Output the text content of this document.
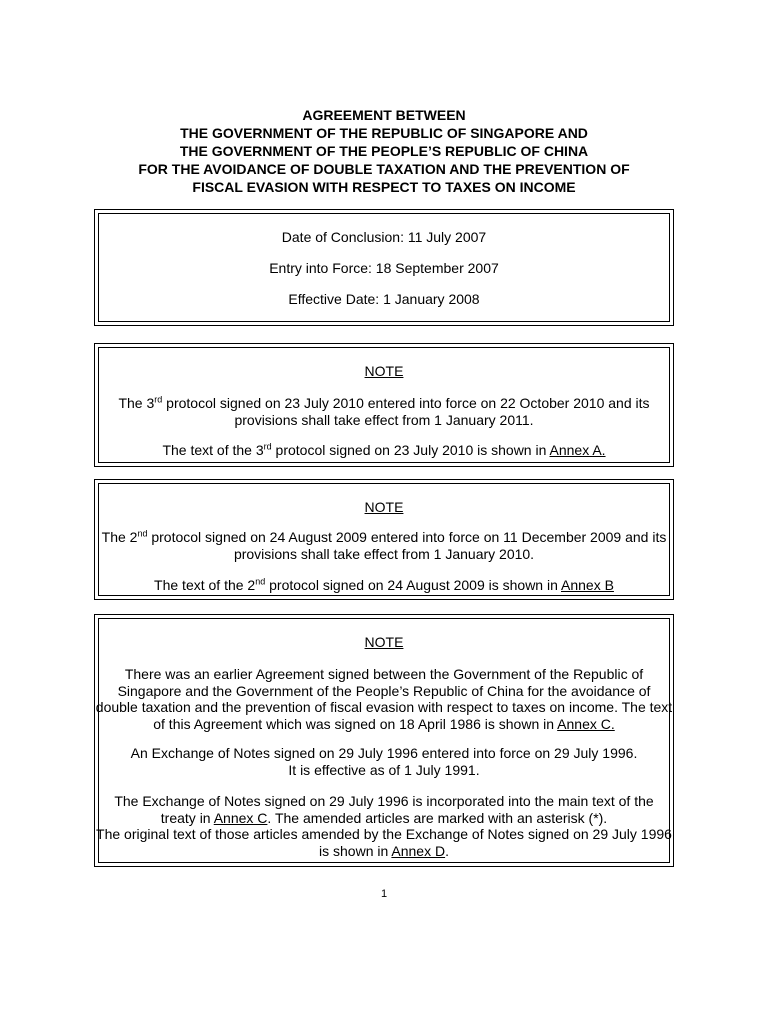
AGREEMENT BETWEEN
THE GOVERNMENT OF THE REPUBLIC OF SINGAPORE AND
THE GOVERNMENT OF THE PEOPLE’S REPUBLIC OF CHINA
FOR THE AVOIDANCE OF DOUBLE TAXATION AND THE PREVENTION OF
FISCAL EVASION WITH RESPECT TO TAXES ON INCOME

Date of Conclusion: 11 July 2007

Entry into Force: 18 September 2007

Effective Date: 1 January 2008

NOTE

The 3rd protocol signed on 23 July 2010 entered into force on 22 October 2010 and its
provisions shall take effect from 1 January 2011.

The text of the 3rd protocol signed on 23 July 2010 is shown in Annex A.

NOTE

The 2nd protocol signed on 24 August 2009 entered into force on 11 December 2009 and its
provisions shall take effect from 1 January 2010.

The text of the 2nd protocol signed on 24 August 2009 is shown in Annex B

NOTE

There was an earlier Agreement signed between the Government of the Republic of
Singapore and the Government of the People’s Republic of China for the avoidance of
double taxation and the prevention of fiscal evasion with respect to taxes on income. The text
of this Agreement which was signed on 18 April 1986 is shown in Annex C.

An Exchange of Notes signed on 29 July 1996 entered into force on 29 July 1996.
It is effective as of 1 July 1991.

The Exchange of Notes signed on 29 July 1996 is incorporated into the main text of the
treaty in Annex C. The amended articles are marked with an asterisk (*).
The original text of those articles amended by the Exchange of Notes signed on 29 July 1996
is shown in Annex D.

1
